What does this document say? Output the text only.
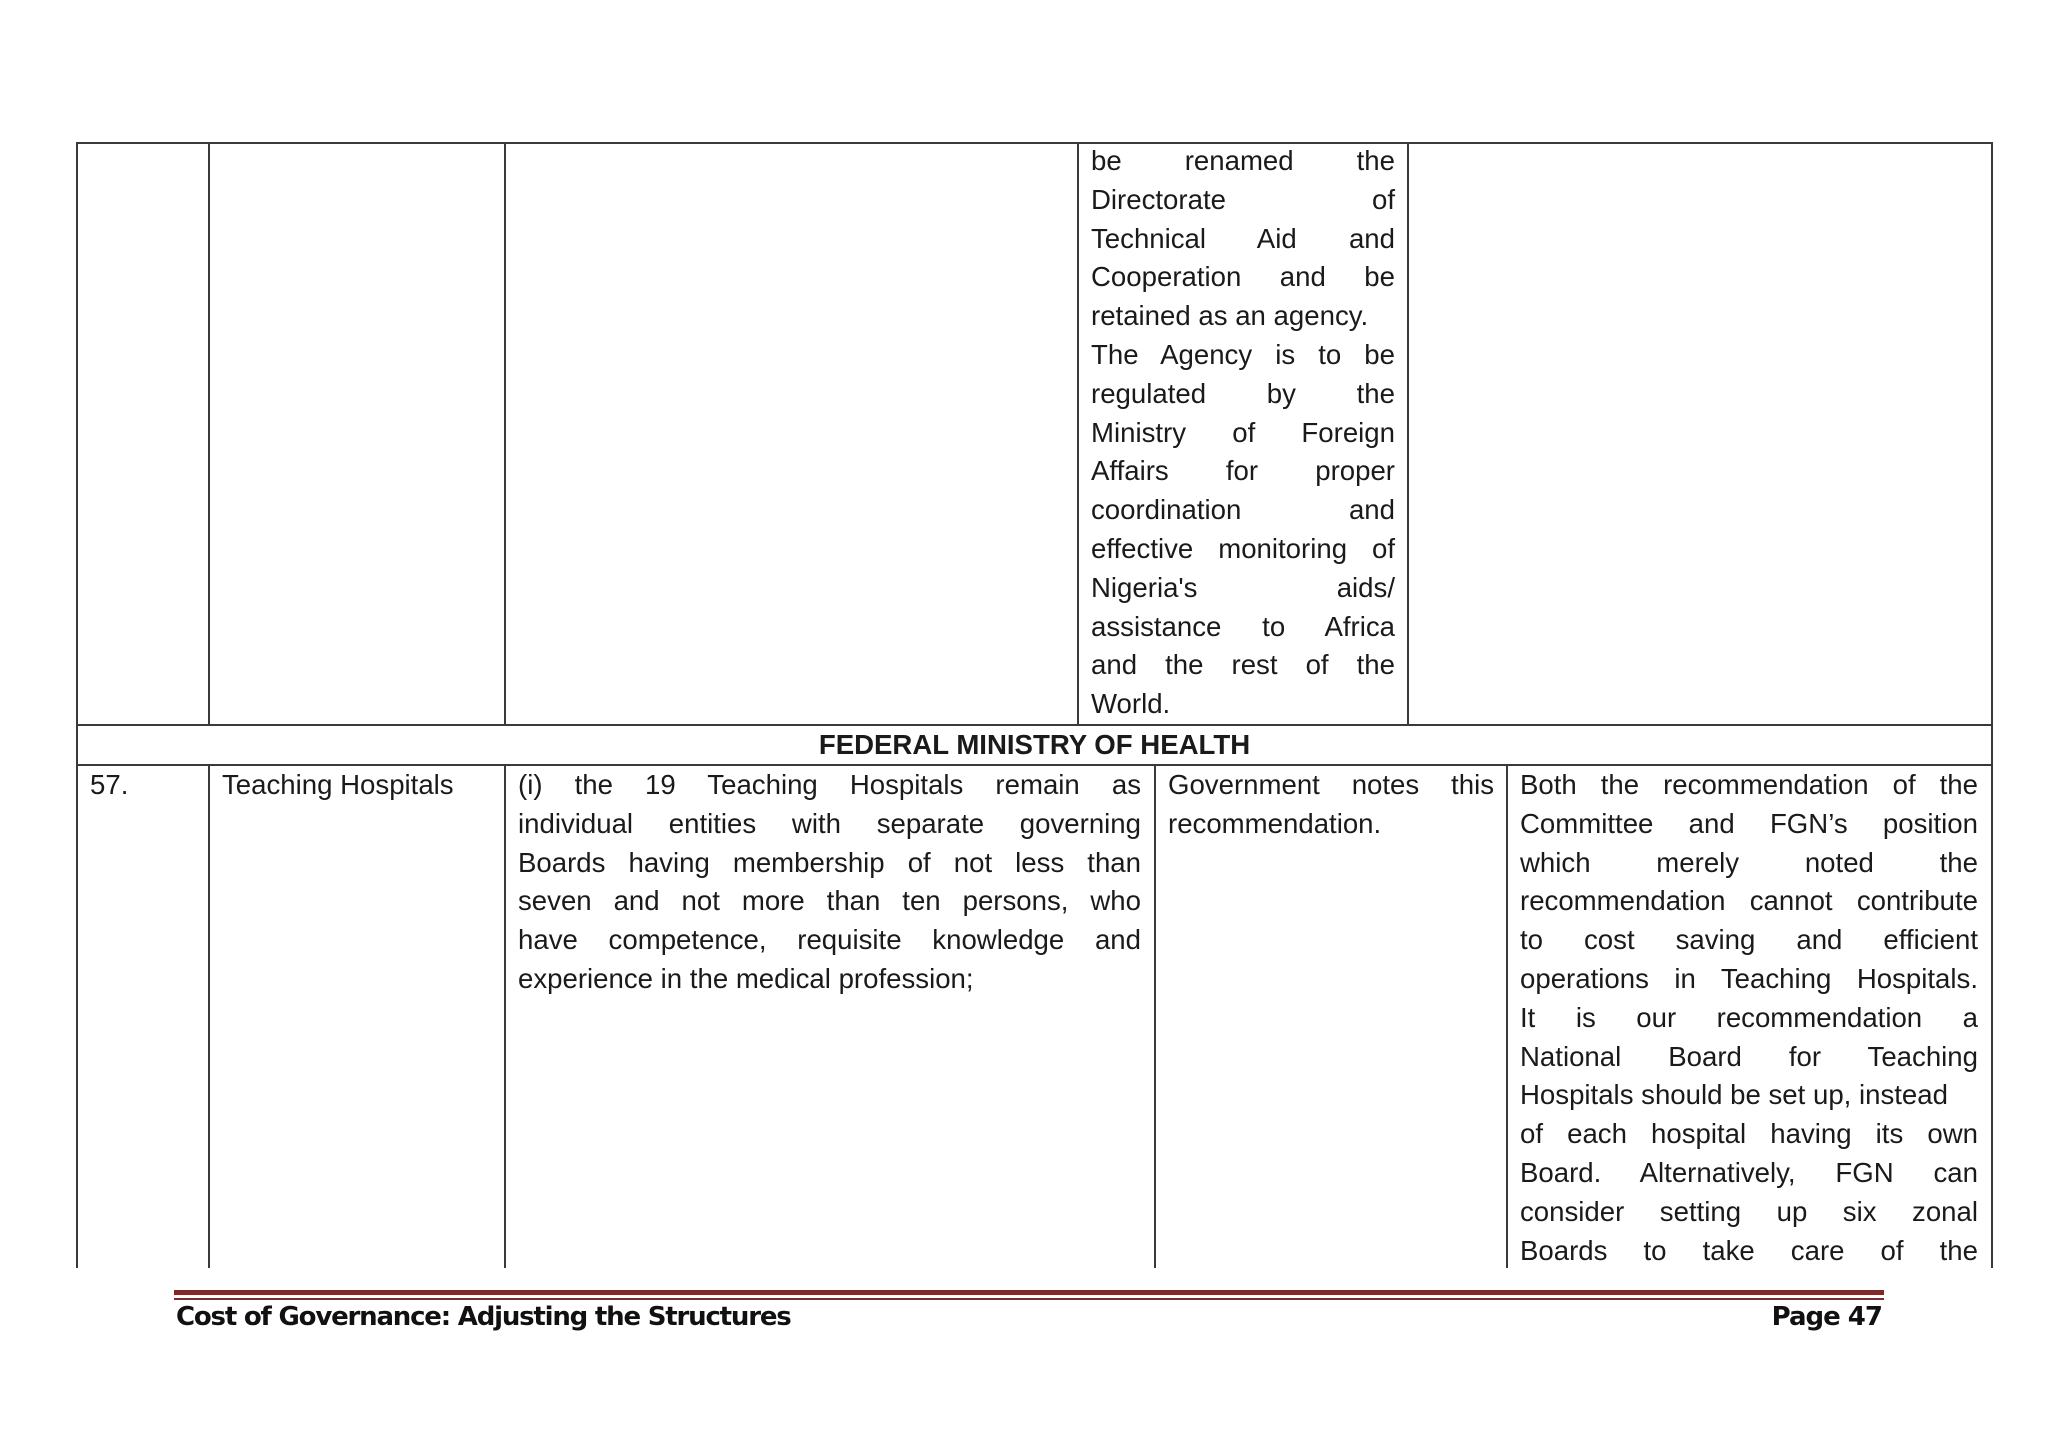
be renamed the
Directorate of
Technical Aid and
Cooperation and be
retained as an agency.
The Agency is to be
regulated by the
Ministry of Foreign
Affairs for proper
coordination and
effective monitoring of
Nigeria's aids/
assistance to Africa
and the rest of the
World.
FEDERAL MINISTRY OF HEALTH
57.	Teaching Hospitals (i) the 19 Teaching Hospitals remain as
individual entities with separate governing
Boards having membership of not less than
seven and not more than ten persons, who
have competence, requisite knowledge and
experience in the medical profession;
Government notes this
recommendation.
Both the recommendation of the
Committee and FGN’s position
which merely noted the
recommendation cannot contribute
to cost saving and efficient
operations in Teaching Hospitals.
It is our recommendation a
National Board for Teaching
Hospitals should be set up, instead
of each hospital having its own
Board. Alternatively, FGN can
consider setting up six zonal
Boards to take care of the
Cost of Governance: Adjusting the Structures	Page 47
